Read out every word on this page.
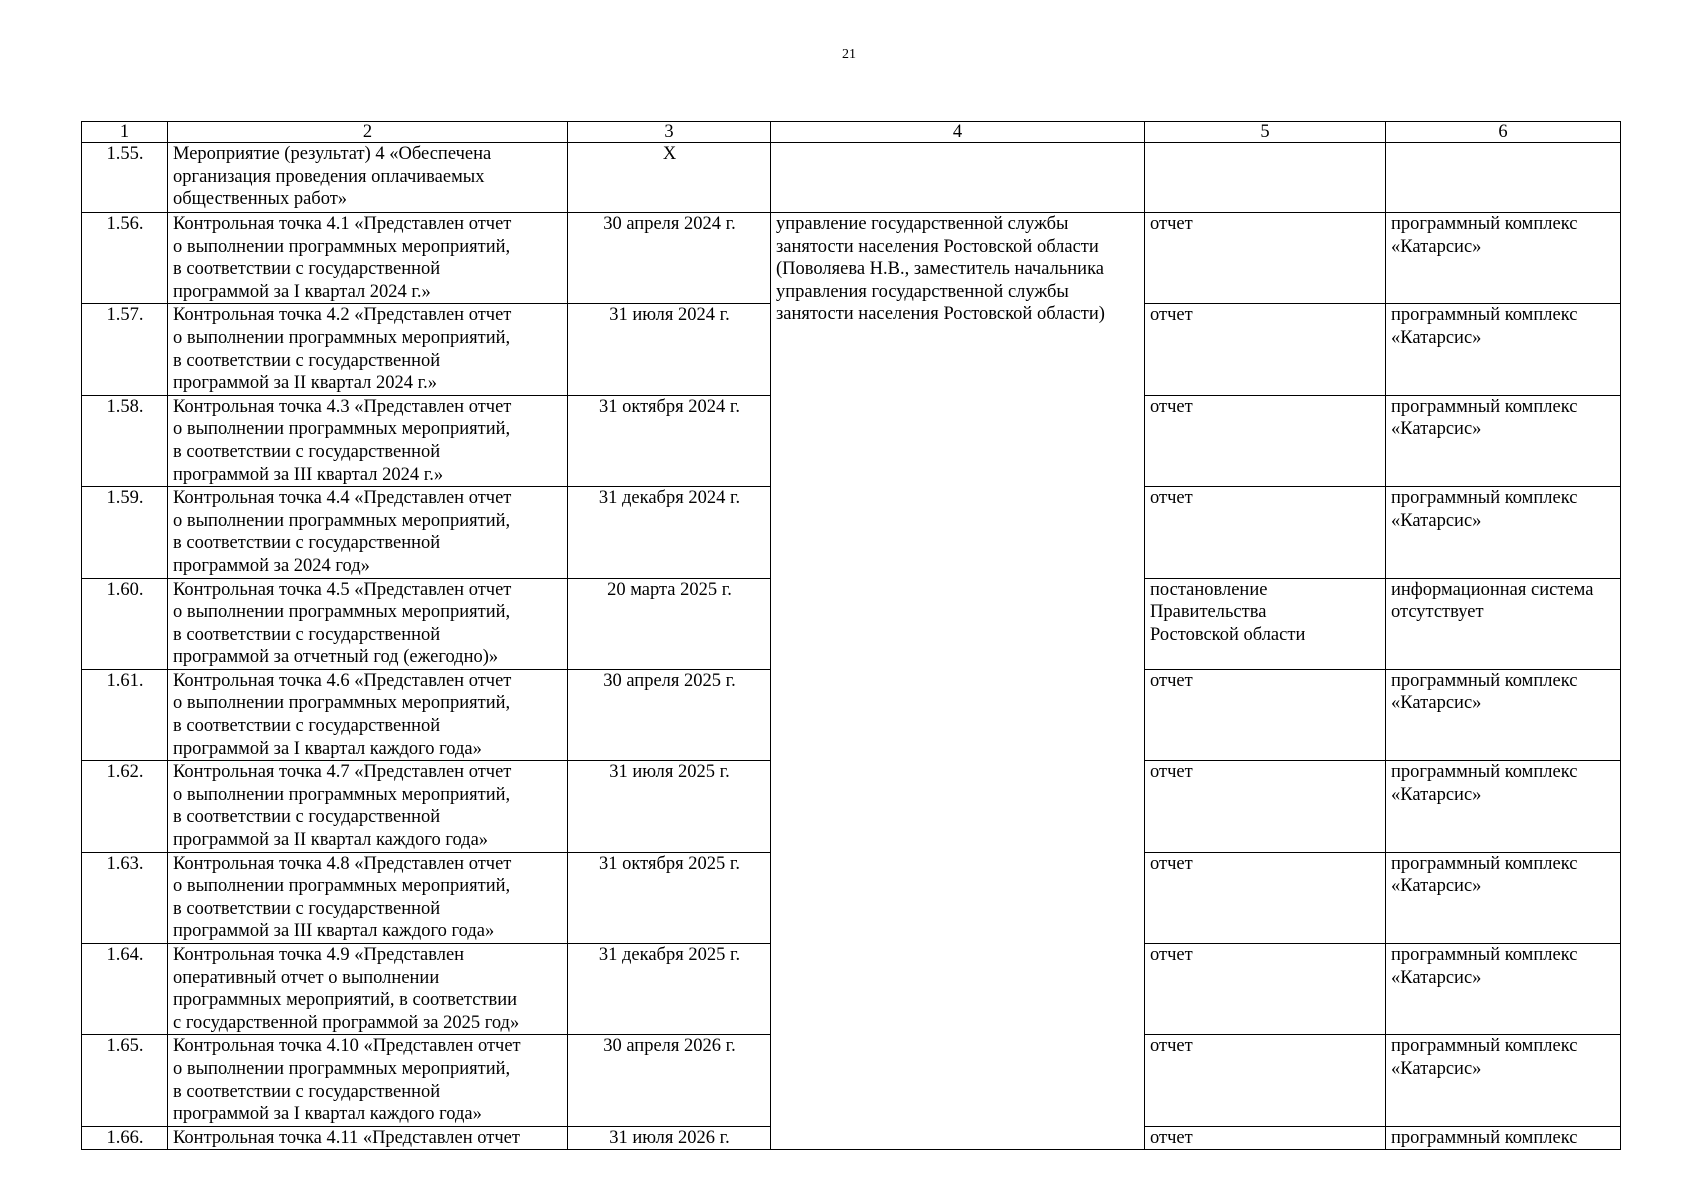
21
1	2	3	4	5	6
1.55.	Мероприятие (результат) 4 «Обеспечена
организация проведения оплачиваемых
общественных работ»	X			
1.56.	Контрольная точка 4.1 «Представлен отчет
о выполнении программных мероприятий,
в соответствии с государственной
программой за I квартал 2024 г.»	30 апреля 2024 г.	управление государственной службы занятости населения Ростовской области (Поволяева Н.В., заместитель начальника управления государственной службы занятости населения Ростовской области)	отчет	программный комплекс
«Катарсис»
1.57.	Контрольная точка 4.2 «Представлен отчет
о выполнении программных мероприятий,
в соответствии с государственной
программой за II квартал 2024 г.»	31 июля 2024 г.		отчет	программный комплекс
«Катарсис»
1.58.	Контрольная точка 4.3 «Представлен отчет
о выполнении программных мероприятий,
в соответствии с государственной
программой за III квартал 2024 г.»	31 октября 2024 г.		отчет	программный комплекс
«Катарсис»
1.59.	Контрольная точка 4.4 «Представлен отчет
о выполнении программных мероприятий,
в соответствии с государственной
программой за 2024 год»	31 декабря 2024 г.		отчет	программный комплекс
«Катарсис»
1.60.	Контрольная точка 4.5 «Представлен отчет
о выполнении программных мероприятий,
в соответствии с государственной
программой за отчетный год (ежегодно)»	20 марта 2025 г.		постановление
Правительства
Ростовской области	информационная система
отсутствует
1.61.	Контрольная точка 4.6 «Представлен отчет
о выполнении программных мероприятий,
в соответствии с государственной
программой за I квартал каждого года»	30 апреля 2025 г.		отчет	программный комплекс
«Катарсис»
1.62.	Контрольная точка 4.7 «Представлен отчет
о выполнении программных мероприятий,
в соответствии с государственной
программой за II квартал каждого года»	31 июля 2025 г.		отчет	программный комплекс
«Катарсис»
1.63.	Контрольная точка 4.8 «Представлен отчет
о выполнении программных мероприятий,
в соответствии с государственной
программой за III квартал каждого года»	31 октября 2025 г.		отчет	программный комплекс
«Катарсис»
1.64.	Контрольная точка 4.9 «Представлен
оперативный отчет о выполнении
программных мероприятий, в соответствии
с государственной программой за 2025 год»	31 декабря 2025 г.		отчет	программный комплекс
«Катарсис»
1.65.	Контрольная точка 4.10 «Представлен отчет
о выполнении программных мероприятий,
в соответствии с государственной
программой за I квартал каждого года»	30 апреля 2026 г.		отчет	программный комплекс
«Катарсис»
1.66.	Контрольная точка 4.11 «Представлен отчет	31 июля 2026 г.		отчет	программный комплекс
